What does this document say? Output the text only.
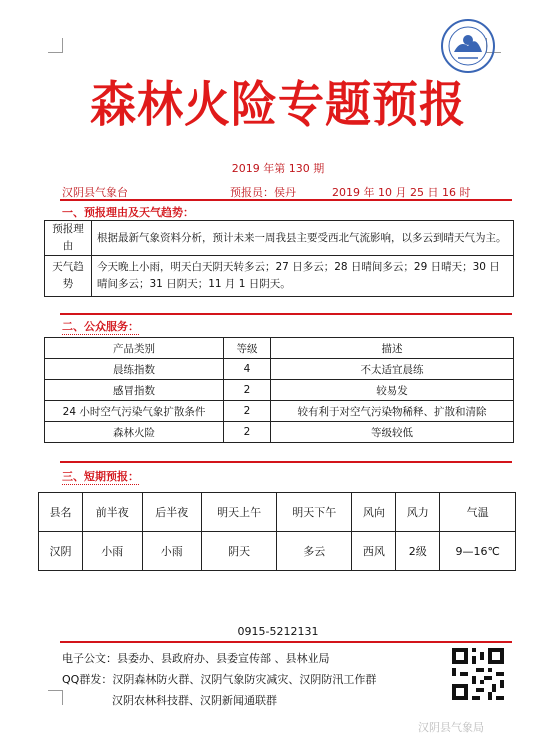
森林火险专题预报
2019 年第 130 期
汉阴县气象台	预报员：侯丹	2019 年 10 月 25 日 16 时
一、预报理由及天气趋势：
预报理由	根据最新气象资料分析，预计未来一周我县主要受西北气流影响，以多云到晴天气为主。
天气趋势	今天晚上小雨，明天白天阴天转多云；27 日多云；28 日晴间多云；29 日晴天；30 日晴间多云；31 日阴天；11 月 1 日阴天。
二、公众服务：
产品类别	等级	描述
晨练指数	4	不太适宜晨练
感冒指数	2	较易发
24 小时空气污染气象扩散条件	2	较有利于对空气污染物稀释、扩散和清除
森林火险	2	等级较低
三、短期预报：
县名	前半夜	后半夜	明天上午	明天下午	风向	风力	气温
汉阴	小雨	小雨	阴天	多云	西风	2级	9—16℃
0915-5212131
电子公文：县委办、县政府办、县委宣传部 、县林业局
QQ群发：汉阴森林防火群、汉阴气象防灾减灾、汉阴防汛工作群
汉阴农林科技群、汉阴新闻通联群
汉阴县气象局
